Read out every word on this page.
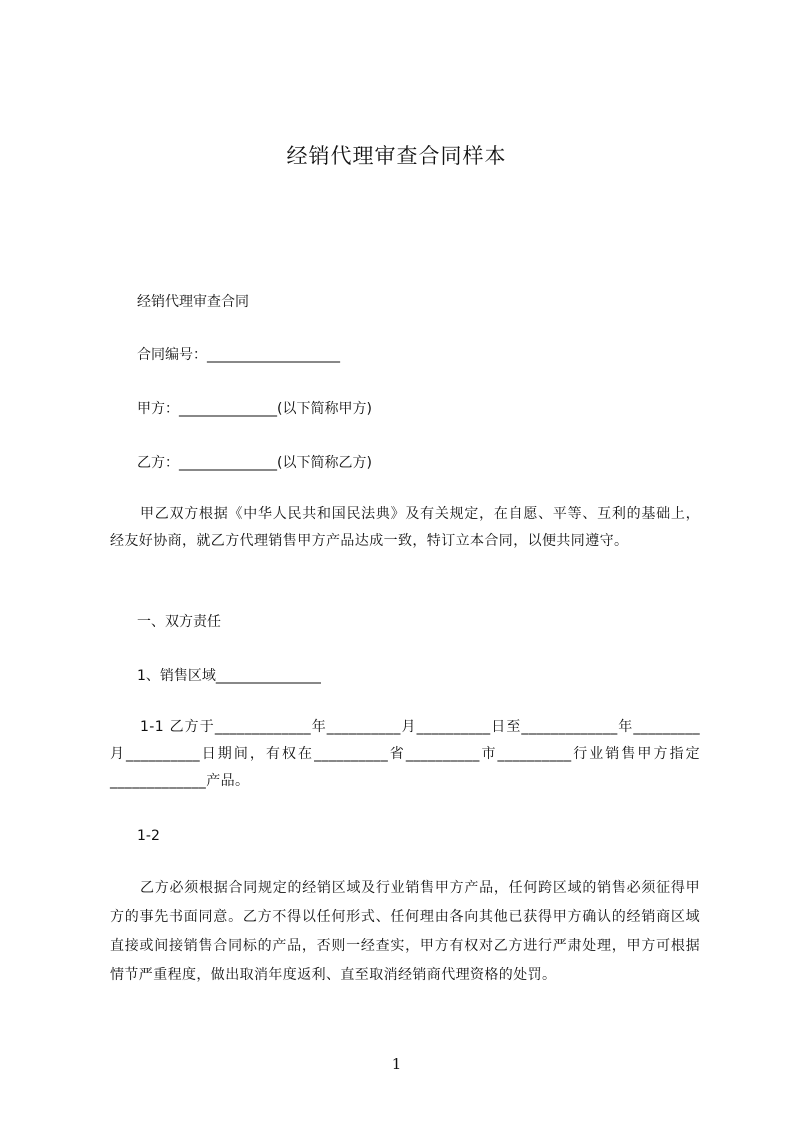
经销代理审查合同样本

经销代理审查合同

合同编号：___________________

甲方：______________(以下简称甲方)

乙方：______________(以下简称乙方)

甲乙双方根据《中华人民共和国民法典》及有关规定，在自愿、平等、互利的基础上，经友好协商，就乙方代理销售甲方产品达成一致，特订立本合同，以便共同遵守。

一、双方责任

1、销售区域_______________

1-1 乙方于_____________年__________月__________日至_____________年_________月__________日期间，有权在__________省__________市__________行业销售甲方指定_____________产品。

1-2

乙方必须根据合同规定的经销区域及行业销售甲方产品，任何跨区域的销售必须征得甲方的事先书面同意。乙方不得以任何形式、任何理由各向其他已获得甲方确认的经销商区域直接或间接销售合同标的产品，否则一经查实，甲方有权对乙方进行严肃处理，甲方可根据情节严重程度，做出取消年度返利、直至取消经销商代理资格的处罚。

1
